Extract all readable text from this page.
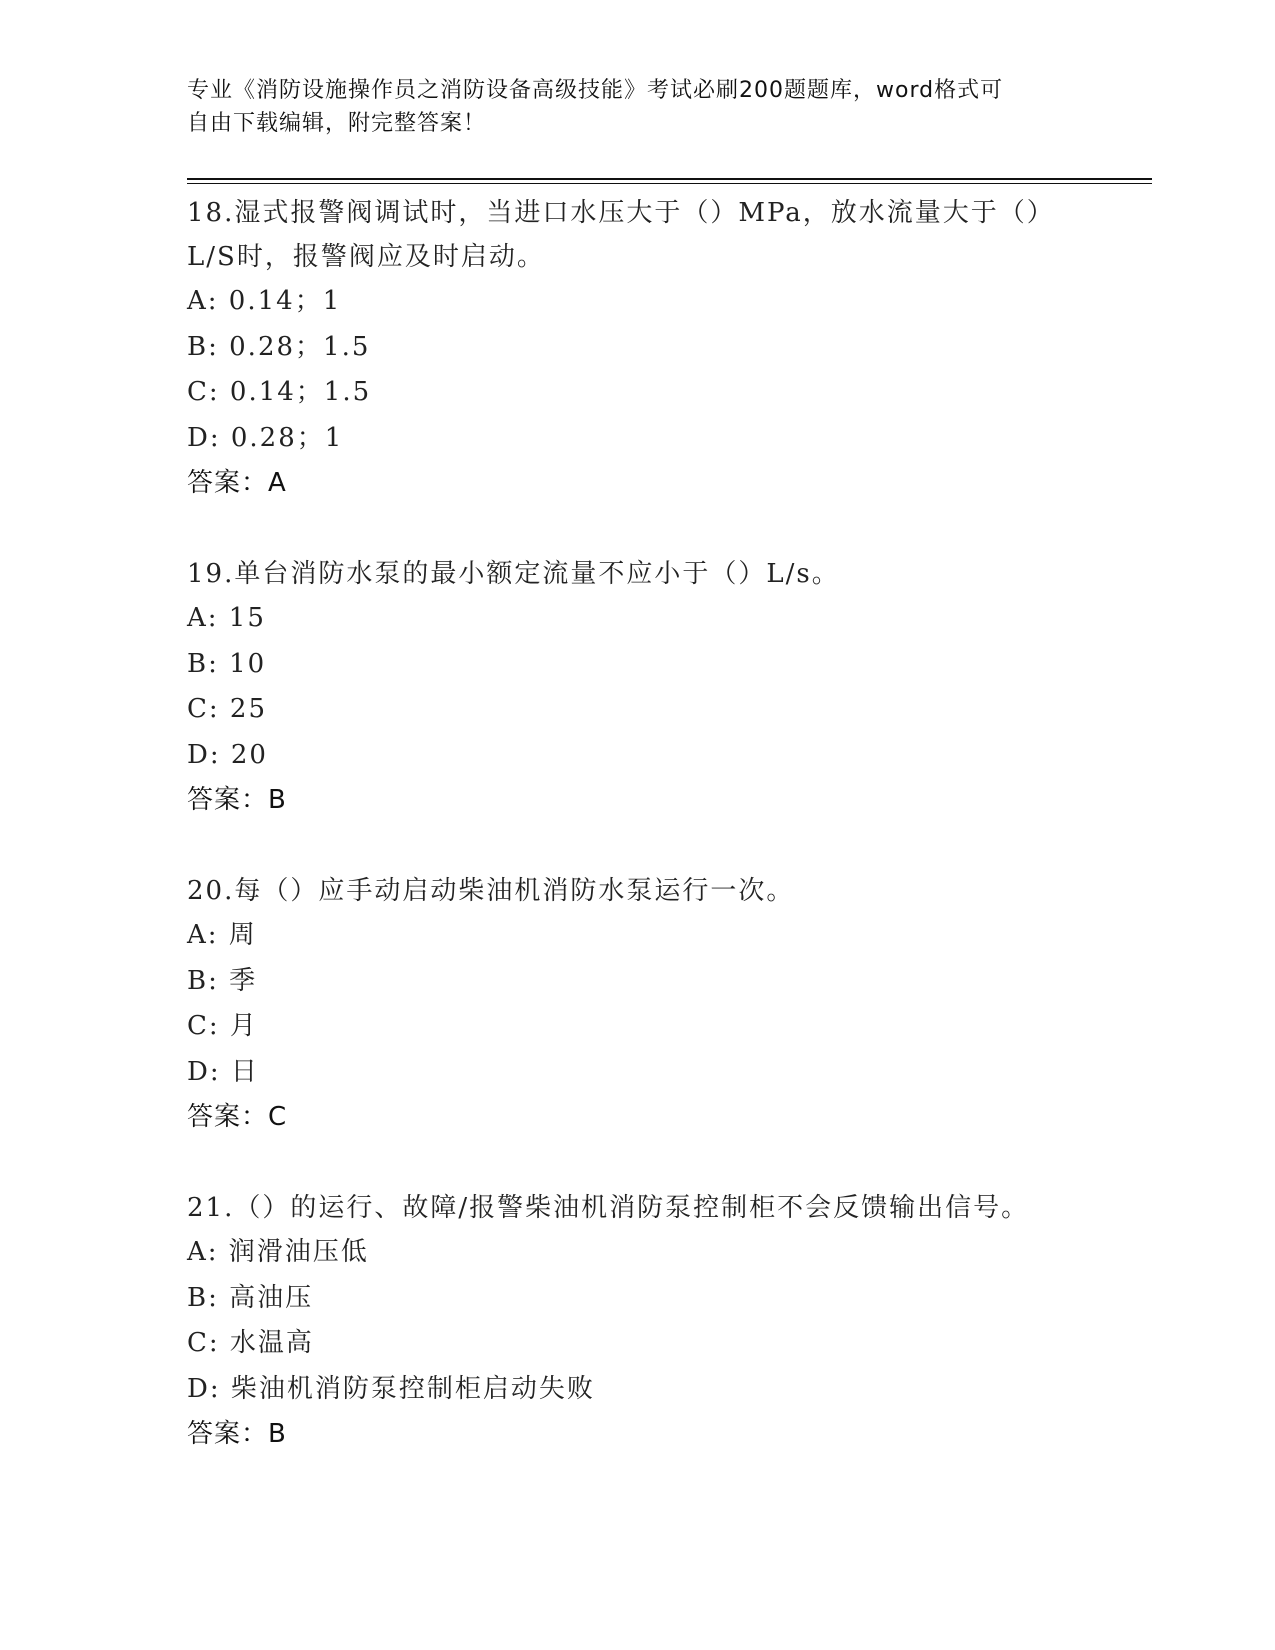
专业《消防设施操作员之消防设备高级技能》考试必刷200题题库，word格式可
自由下载编辑，附完整答案！

18.湿式报警阀调试时，当进口水压大于（）MPa，放水流量大于（）

L/S时，报警阀应及时启动。

A: 0.14；1

B: 0.28；1.5

C: 0.14；1.5

D: 0.28；1

答案：A

19.单台消防水泵的最小额定流量不应小于（）L/s。

A: 15

B: 10

C: 25

D: 20

答案：B

20.每（）应手动启动柴油机消防水泵运行一次。

A: 周

B: 季

C: 月

D: 日

答案：C

21.（）的运行、故障/报警柴油机消防泵控制柜不会反馈输出信号。

A: 润滑油压低

B: 高油压

C: 水温高

D: 柴油机消防泵控制柜启动失败

答案：B
